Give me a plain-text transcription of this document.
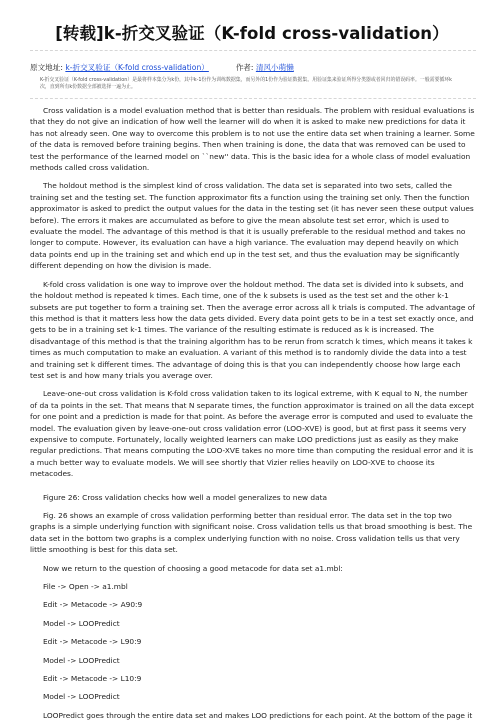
[转载]k-折交叉验证（K-fold cross-validation）
原文地址: k-折交叉验证（K-fold cross-validation）	作者: 清风小萌懒
K-折交叉验证（K-fold cross-validation）是最将样本集分为k份，其中k-1份作为训练数据集，而另外的1份作为验证数据集。用验证集来验证所得分类器或者回归的错误码率。一般需要循环k次，直到所有k份数据全部被选择一遍为止。

Cross validation is a model evaluation method that is better than residuals. The problem with residual evaluations is that they do not give an indication of how well the learner will do when it is asked to make new predictions for data it has not already seen. One way to overcome this problem is to not use the entire data set when training a learner. Some of the data is removed before training begins. Then when training is done, the data that was removed can be used to test the performance of the learned model on ``new'' data. This is the basic idea for a whole class of model evaluation methods called cross validation.

The holdout method is the simplest kind of cross validation. The data set is separated into two sets, called the training set and the testing set. The function approximator fits a function using the training set only. Then the function approximator is asked to predict the output values for the data in the testing set (it has never seen these output values before). The errors it makes are accumulated as before to give the mean absolute test set error, which is used to evaluate the model. The advantage of this method is that it is usually preferable to the residual method and takes no longer to compute. However, its evaluation can have a high variance. The evaluation may depend heavily on which data points end up in the training set and which end up in the test set, and thus the evaluation may be significantly different depending on how the division is made.

K-fold cross validation is one way to improve over the holdout method. The data set is divided into k subsets, and the holdout method is repeated k times. Each time, one of the k subsets is used as the test set and the other k-1 subsets are put together to form a training set. Then the average error across all k trials is computed. The advantage of this method is that it matters less how the data gets divided. Every data point gets to be in a test set exactly once, and gets to be in a training set k-1 times. The variance of the resulting estimate is reduced as k is increased. The disadvantage of this method is that the training algorithm has to be rerun from scratch k times, which means it takes k times as much computation to make an evaluation. A variant of this method is to randomly divide the data into a test and training set k different times. The advantage of doing this is that you can independently choose how large each test set is and how many trials you average over.

Leave-one-out cross validation is K-fold cross validation taken to its logical extreme, with K equal to N, the number of da ta points in the set. That means that N separate times, the function approximator is trained on all the data except for one point and a prediction is made for that point. As before the average error is computed and used to evaluate the model. The evaluation given by leave-one-out cross validation error (LOO-XVE) is good, but at first pass it seems very expensive to compute. Fortunately, locally weighted learners can make LOO predictions just as easily as they make regular predictions. That means computing the LOO-XVE takes no more time than computing the residual error and it is a much better way to evaluate models. We will see shortly that Vizier relies heavily on LOO-XVE to choose its metacodes.

Figure 26: Cross validation checks how well a model generalizes to new data

Fig. 26 shows an example of cross validation performing better than residual error. The data set in the top two graphs is a simple underlying function with significant noise. Cross validation tells us that broad smoothing is best. The data set in the bottom two graphs is a complex underlying function with no noise. Cross validation tells us that very little smoothing is best for this data set.

Now we return to the question of choosing a good metacode for data set a1.mbl:

File -> Open -> a1.mbl

Edit -> Metacode -> A90:9

Model -> LOOPredict

Edit -> Metacode -> L90:9

Model -> LOOPredict

Edit -> Metacode -> L10:9

Model -> LOOPredict

LOOPredict goes through the entire data set and makes LOO predictions for each point. At the bottom of the page it
